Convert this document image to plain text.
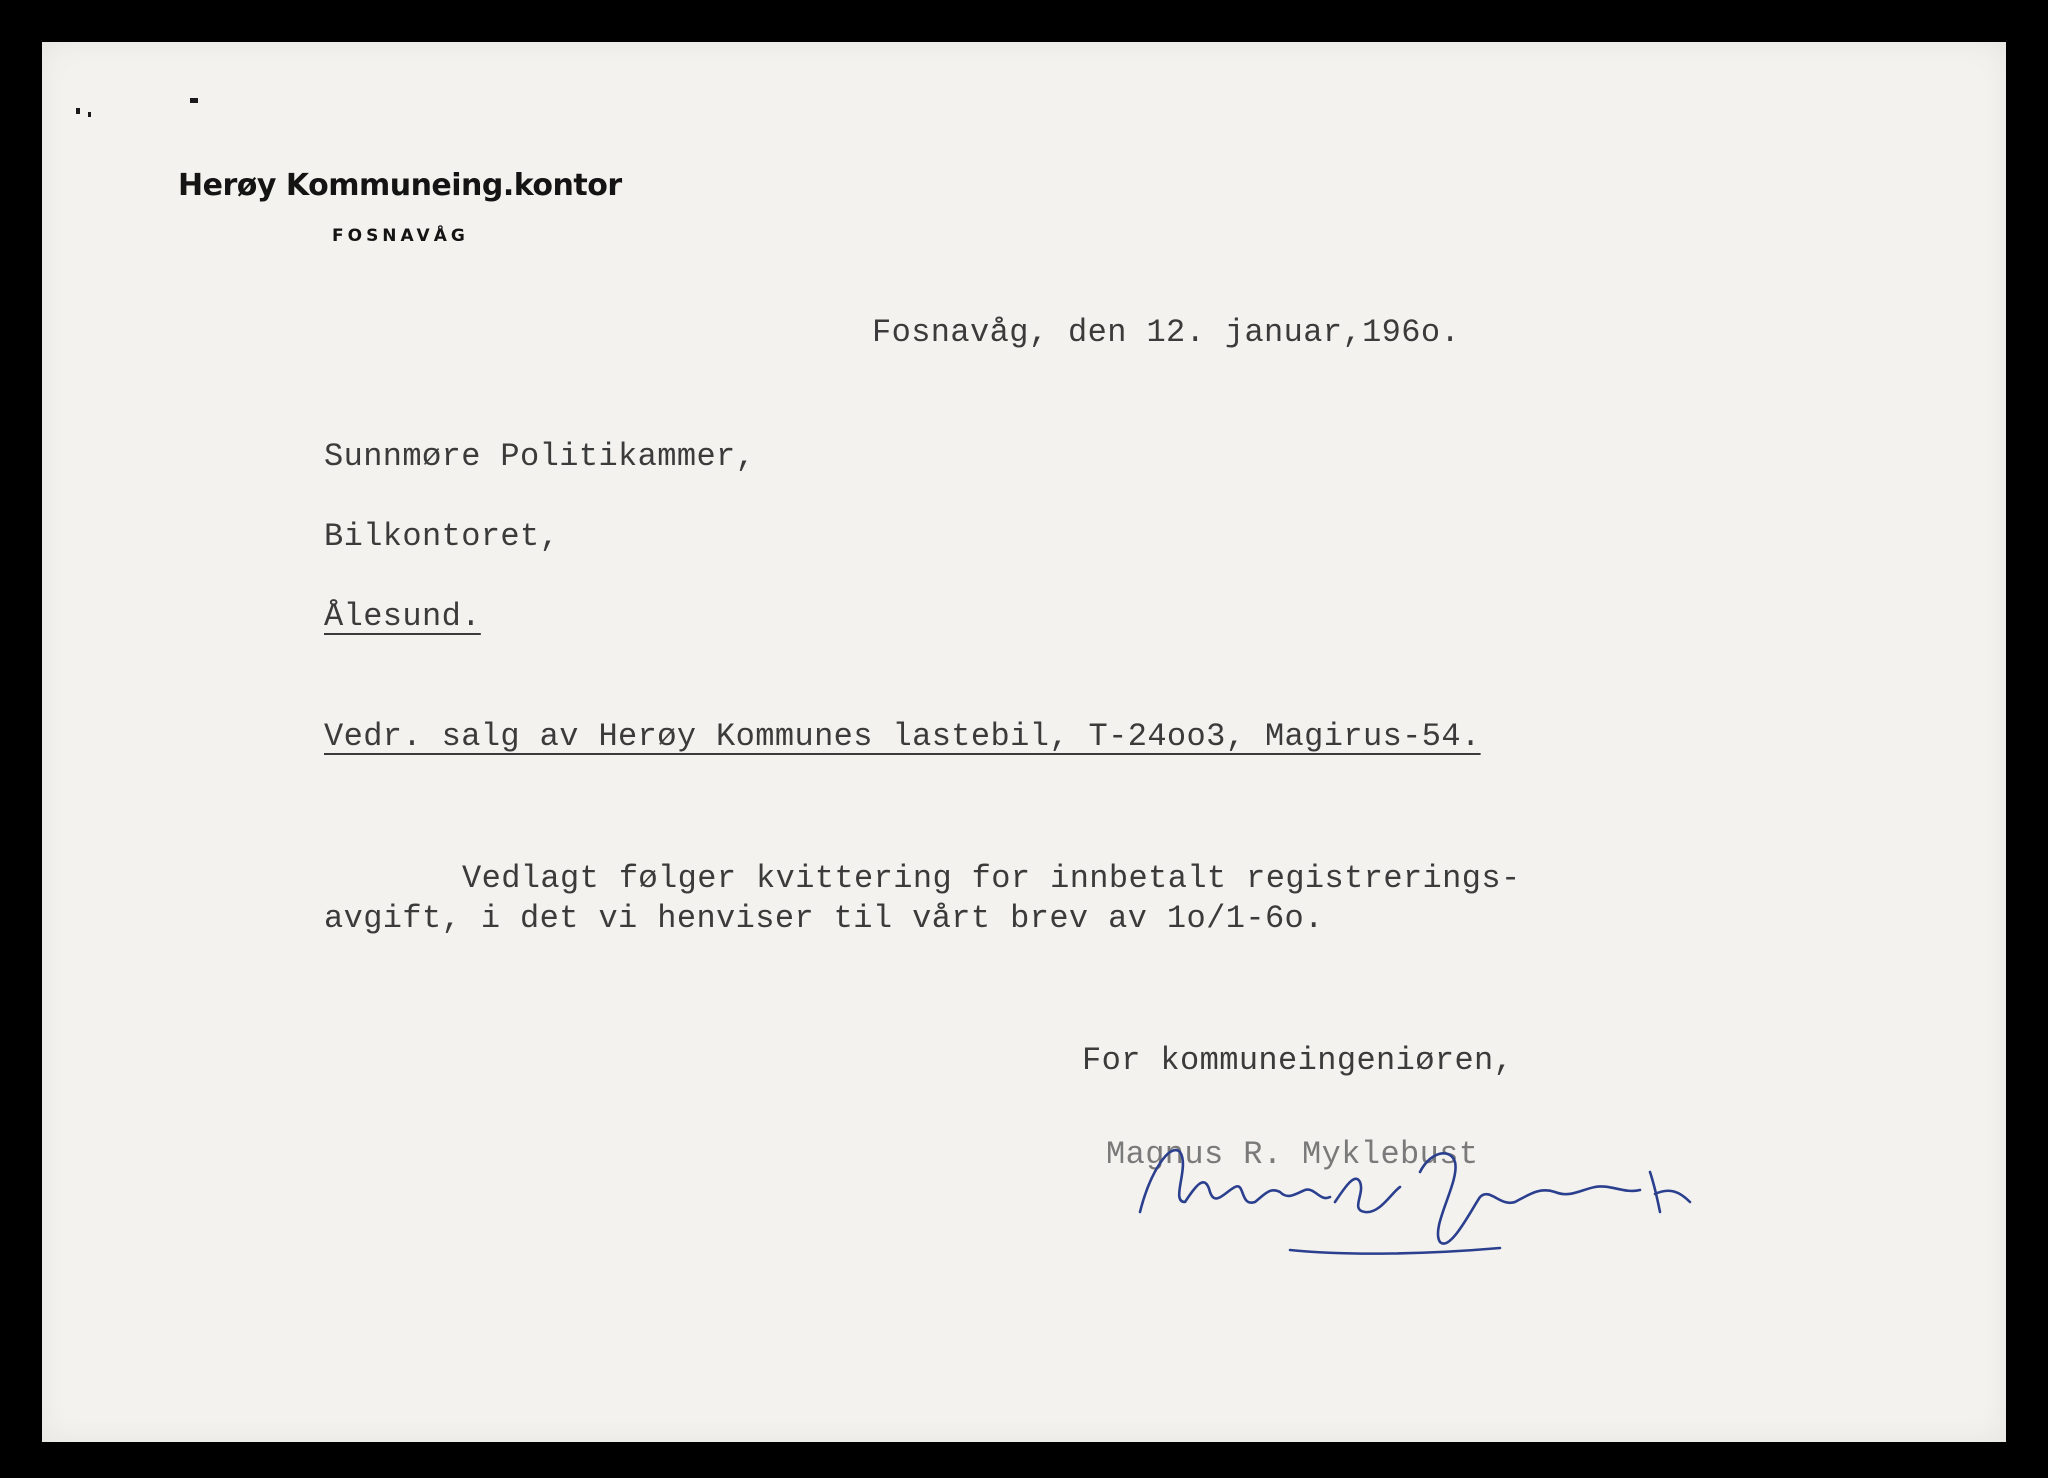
Herøy Kommuneing.kontor
FOSNAVÅG
Fosnavåg, den 12. januar,196o.
Sunnmøre Politikammer,
Bilkontoret,
Ålesund.
Vedr. salg av Herøy Kommunes lastebil, T-24oo3, Magirus-54.
Vedlagt følger kvittering for innbetalt registrerings-
avgift, i det vi henviser til vårt brev av 1o/1-6o.
For kommuneingeniøren,
Magnus R. Myklebust
